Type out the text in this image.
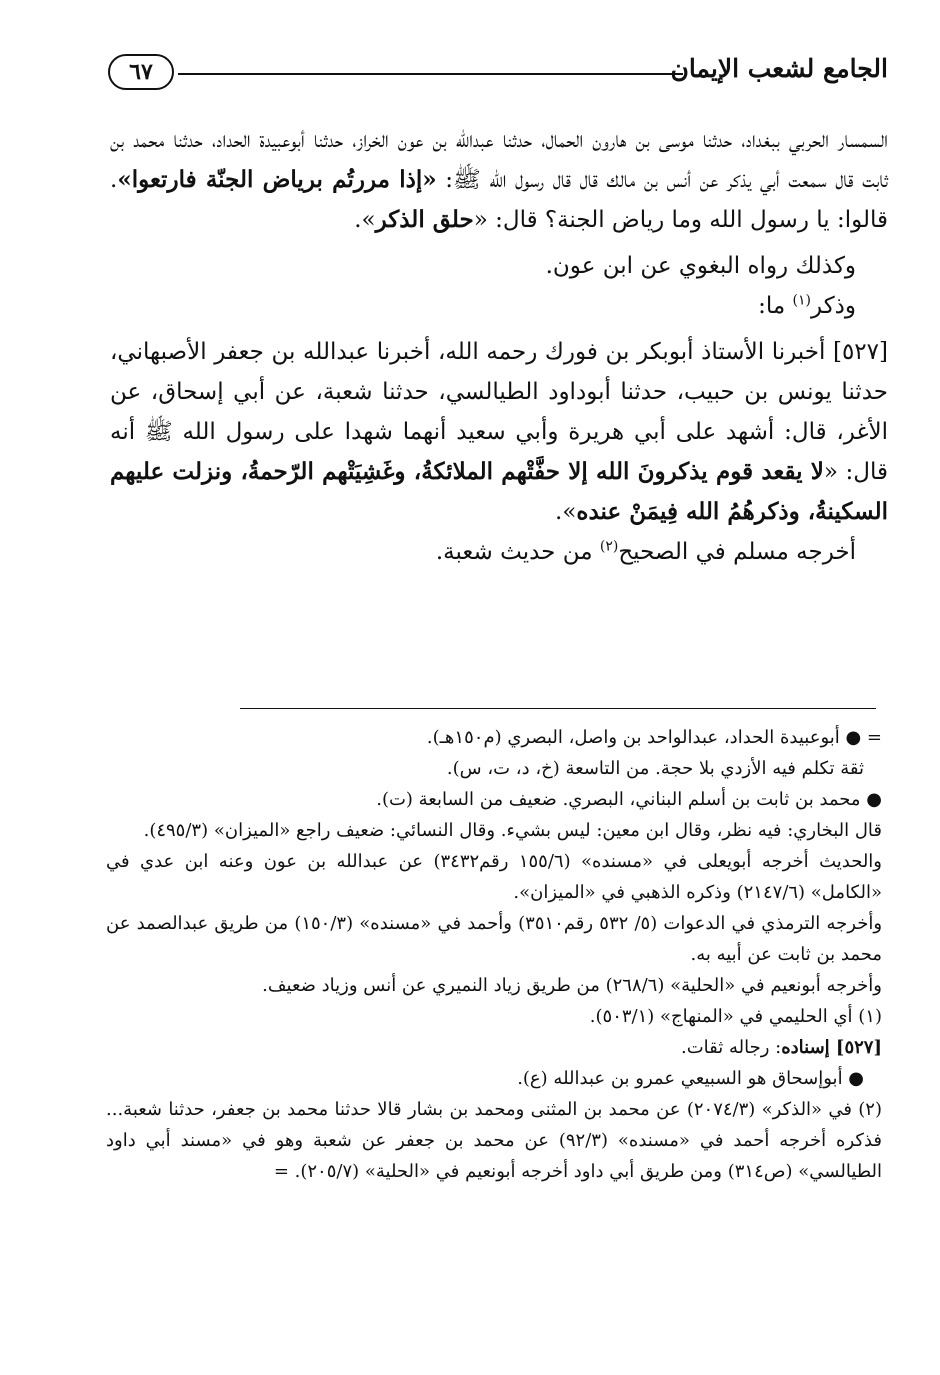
الجامع لشعب الإيمان
٦٧

السمسار الحربي ببغداد، حدثنا موسى بن هارون الحمال، حدثنا عبدالله بن عون الخراز، حدثنا أبوعبيدة الحداد، حدثنا محمد بن ثابت قال سمعت أبي يذكر عن أنس بن مالك قال قال رسول الله ﷺ: «إذا مررتُم برياض الجنّة فارتعوا». قالوا: يا رسول الله وما رياض الجنة؟ قال: «حلق الذكر».

وكذلك رواه البغوي عن ابن عون.

وذكر$^{(١)}$ ما:

[٥٢٧] أخبرنا الأستاذ أبوبكر بن فورك رحمه الله، أخبرنا عبدالله بن جعفر الأصبهاني، حدثنا يونس بن حبيب، حدثنا أبوداود الطيالسي، حدثنا شعبة، عن أبي إسحاق، عن الأغر، قال: أشهد على أبي هريرة وأبي سعيد أنهما شهدا على رسول الله ﷺ أنه قال: «لا يقعد قوم يذكرونَ الله إلا حفَّتْهم الملائكةُ، وغَشِيَتْهم الرّحمةُ، ونزلت عليهم السكينةُ، وذكرهُمُ الله فِيمَنْ عنده».

أخرجه مسلم في الصحيح$^{(٢)}$ من حديث شعبة.

= ● أبوعبيدة الحداد، عبدالواحد بن واصل، البصري (م١٥٠هـ).

ثقة تكلم فيه الأزدي بلا حجة. من التاسعة (خ، د، ت، س).

● محمد بن ثابت بن أسلم البناني، البصري. ضعيف من السابعة (ت).

قال البخاري: فيه نظر، وقال ابن معين: ليس بشيء. وقال النسائي: ضعيف راجع «الميزان» (٤٩٥/٣).

والحديث أخرجه أبويعلى في «مسنده» (١٥٥/٦ رقم٣٤٣٢) عن عبدالله بن عون وعنه ابن عدي في «الكامل» (٢١٤٧/٦) وذكره الذهبي في «الميزان».

وأخرجه الترمذي في الدعوات (٥/ ٥٣٢ رقم٣٥١٠) وأحمد في «مسنده» (١٥٠/٣) من طريق عبدالصمد عن محمد بن ثابت عن أبيه به.

وأخرجه أبونعيم في «الحلية» (٢٦٨/٦) من طريق زياد النميري عن أنس وزياد ضعيف.

(١) أي الحليمي في «المنهاج» (٥٠٣/١).

[٥٢٧] إسناده: رجاله ثقات.

● أبوإسحاق هو السبيعي عمرو بن عبدالله (ع).

(٢) في «الذكر» (٢٠٧٤/٣) عن محمد بن المثنى ومحمد بن بشار قالا حدثنا محمد بن جعفر، حدثنا شعبة... فذكره أخرجه أحمد في «مسنده» (٩٢/٣) عن محمد بن جعفر عن شعبة وهو في «مسند أبي داود الطيالسي» (ص٣١٤) ومن طريق أبي داود أخرجه أبونعيم في «الحلية» (٢٠٥/٧). =
